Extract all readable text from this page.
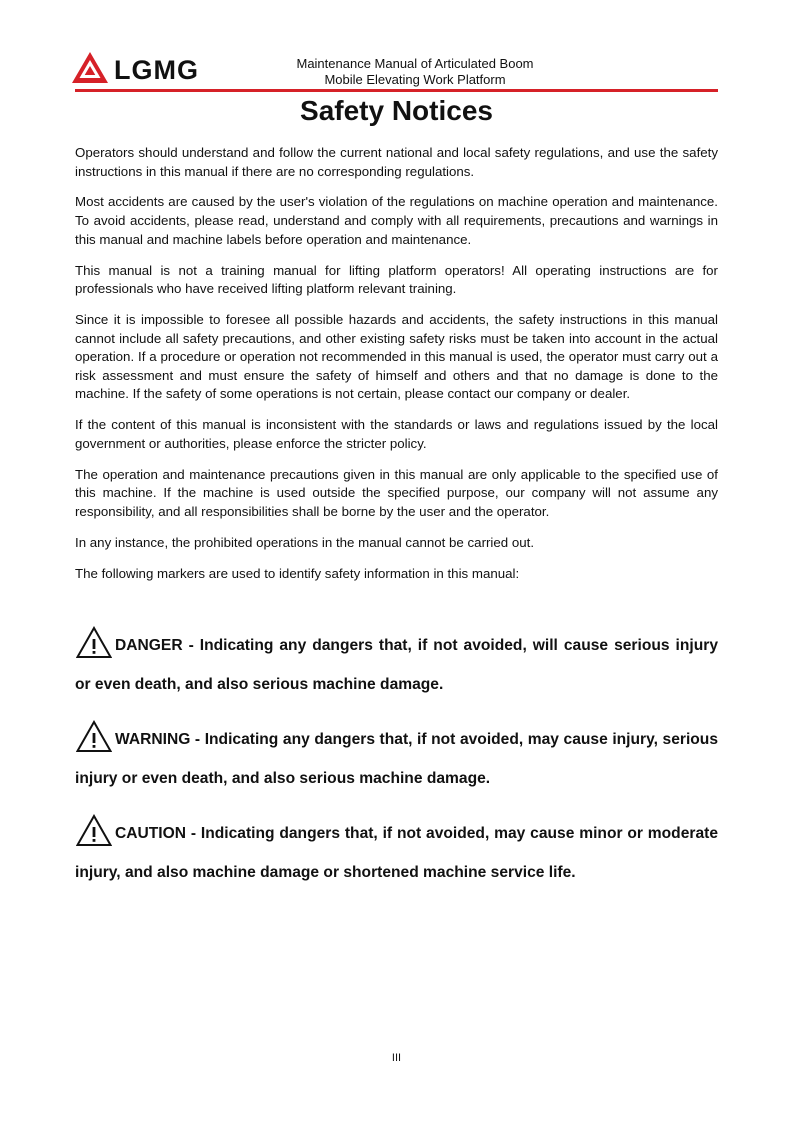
LGMG	Maintenance Manual of Articulated Boom
Mobile Elevating Work Platform
Safety Notices

Operators should understand and follow the current national and local safety regulations, and use the safety instructions in this manual if there are no corresponding regulations.

Most accidents are caused by the user's violation of the regulations on machine operation and maintenance. To avoid accidents, please read, understand and comply with all requirements, precautions and warnings in this manual and machine labels before operation and maintenance.

This manual is not a training manual for lifting platform operators! All operating instructions are for professionals who have received lifting platform relevant training.

Since it is impossible to foresee all possible hazards and accidents, the safety instructions in this manual cannot include all safety precautions, and other existing safety risks must be taken into account in the actual operation. If a procedure or operation not recommended in this manual is used, the operator must carry out a risk assessment and must ensure the safety of himself and others and that no damage is done to the machine. If the safety of some operations is not certain, please contact our company or dealer.

If the content of this manual is inconsistent with the standards or laws and regulations issued by the local government or authorities, please enforce the stricter policy.

The operation and maintenance precautions given in this manual are only applicable to the specified use of this machine. If the machine is used outside the specified purpose, our company will not assume any responsibility, and all responsibilities shall be borne by the user and the operator.

In any instance, the prohibited operations in the manual cannot be carried out.

The following markers are used to identify safety information in this manual:

DANGER - Indicating any dangers that, if not avoided, will cause serious injury or even death, and also serious machine damage.

WARNING - Indicating any dangers that, if not avoided, may cause injury, serious injury or even death, and also serious machine damage.

CAUTION - Indicating dangers that, if not avoided, may cause minor or moderate injury, and also machine damage or shortened machine service life.

III
